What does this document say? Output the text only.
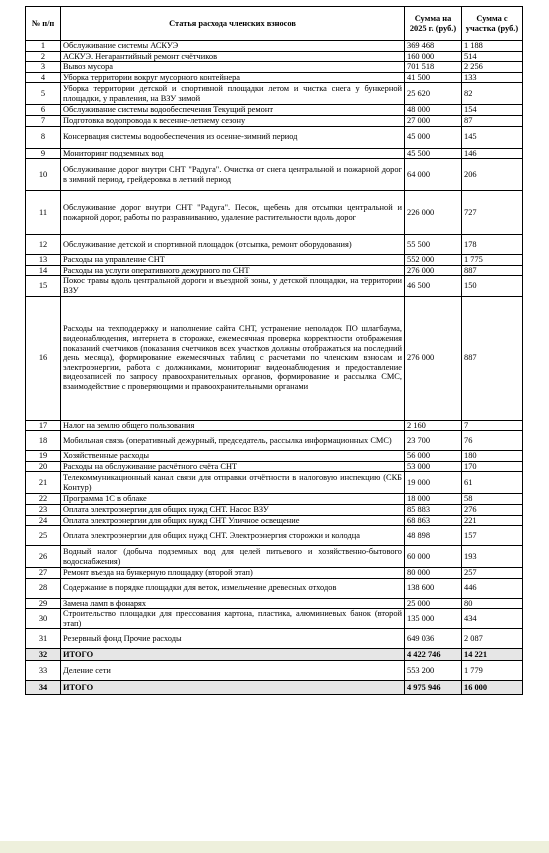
№ п/п	Статья расхода членских взносов	Сумма на 2025 г. (руб.)	Сумма с участка (руб.)
1	Обслуживание системы АСКУЭ	369 468	1 188
2	АСКУЭ. Негарантийный ремонт счётчиков	160 000	514
3	Вывоз мусора	701 518	2 256
4	Уборка территории вокруг мусорного контейнера	41 500	133
5	Уборка территории детской и спортивной площадки летом и чистка снега у бункерной площадки, у правления, на ВЗУ зимой	25 620	82
6	Обслуживание системы водообеспечения Текущий ремонт	48 000	154
7	Подготовка водопровода к весенне-летнему сезону	27 000	87
8	Консервация системы водообеспечения из осенне-зимний период	45 000	145
9	Мониторинг подземных вод	45 500	146
10	Обслуживание дорог внутри СНТ "Радуга". Очистка от снега центральной и пожарной дорог в зимний период, грейдеровка в летний период	64 000	206
11	Обслуживание дорог внутри СНТ "Радуга". Песок, щебень для отсыпки центральной и пожарной дорог, работы по разравниванию, удаление растительности вдоль дорог	226 000	727
12	Обслуживание детской и спортивной площадок (отсыпка, ремонт оборудования)	55 500	178
13	Расходы на управление СНТ	552 000	1 775
14	Расходы на услуги оперативного дежурного по СНТ	276 000	887
15	Покос травы вдоль центральной дороги и въездной зоны, у детской площадки, на территории ВЗУ	46 500	150
16	Расходы на техподдержку и наполнение сайта СНТ, устранение неполадок ПО шлагбаума, видеонаблюдения, интернета в сторожке, ежемесячная проверка корректности отображения показаний счетчиков (показания счетчиков всех участков должны отображаться на последний день месяца), формирование ежемесячных таблиц с расчетами по членским взносам и электроэнергии, работа с должниками, мониторинг видеонаблюдения и предоставление видеозаписей по запросу правоохранительных органов, формирование и рассылка СМС, взаимодействие с проверяющими и правоохранительными органами	276 000	887
17	Налог на землю общего пользования	2 160	7
18	Мобильная связь (оперативный дежурный, председатель, рассылка информационных СМС)	23 700	76
19	Хозяйственные расходы	56 000	180
20	Расходы на обслуживание расчётного счёта СНТ	53 000	170
21	Телекоммуникационный канал связи для отправки отчётности в налоговую инспекцию (СКБ Контур)	19 000	61
22	Программа 1С в облаке	18 000	58
23	Оплата электроэнергии для общих нужд СНТ. Насос ВЗУ	85 883	276
24	Оплата электроэнергии для общих нужд СНТ Уличное освещение	68 863	221
25	Оплата электроэнергии для общих нужд СНТ. Электроэнергия сторожки и колодца	48 898	157
26	Водный налог (добыча подземных вод для целей питьевого и хозяйственно-бытового водоснабжения)	60 000	193
27	Ремонт въезда на бункерную площадку (второй этап)	80 000	257
28	Содержание в порядке площадки для веток, измельчение древесных отходов	138 600	446
29	Замена ламп в фонарях	25 000	80
30	Строительство площадки для прессования картона, пластика, алюминиевых банок (второй этап)	135 000	434
31	Резервный фонд Прочие расходы	649 036	2 087
32	ИТОГО	4 422 746	14 221
33	Деление сети	553 200	1 779
34	ИТОГО	4 975 946	16 000
